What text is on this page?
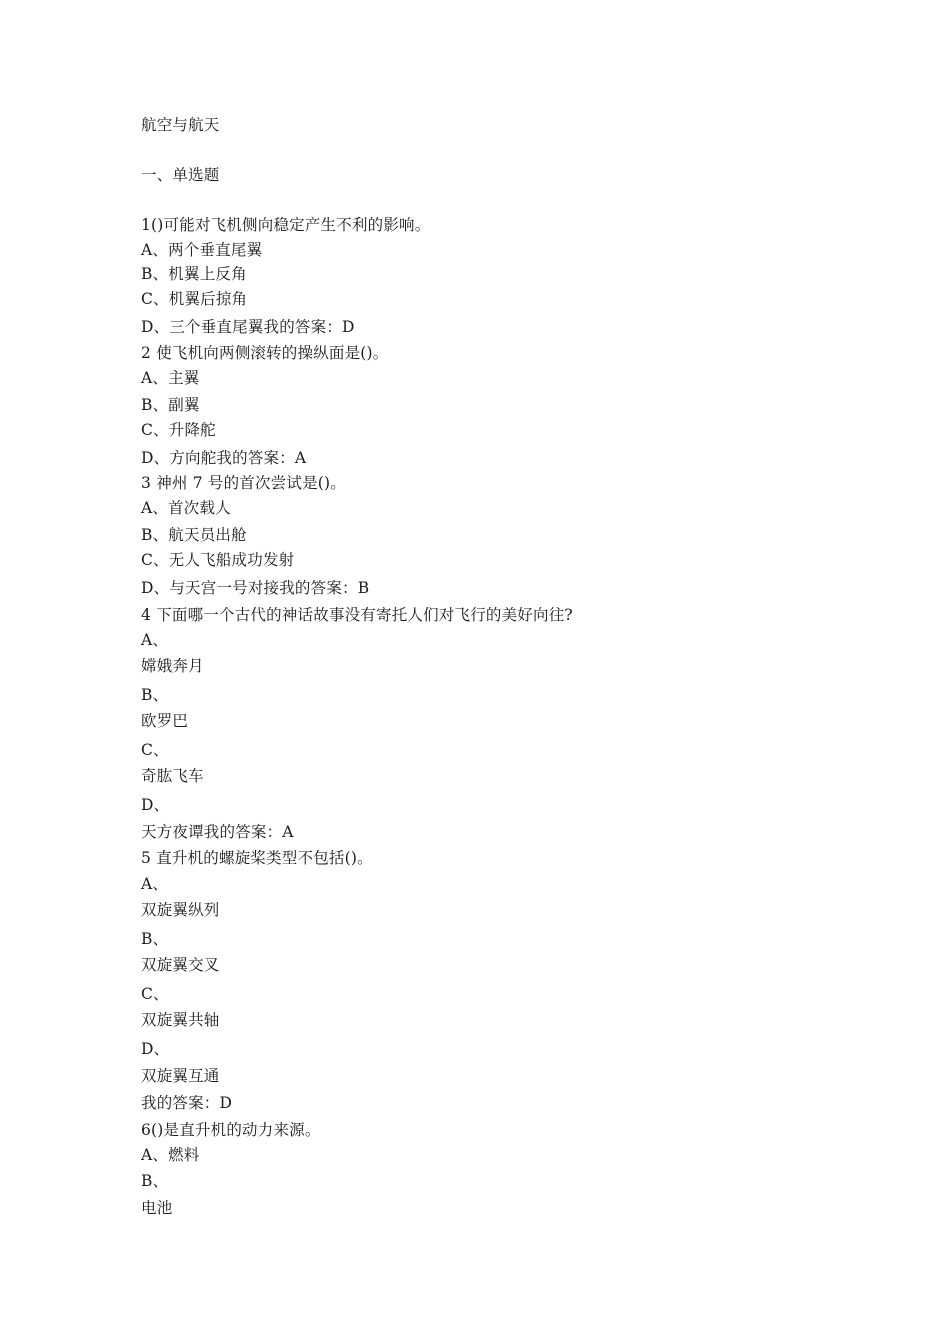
航空与航天
一、单选题
1()可能对飞机侧向稳定产生不利的影响。
A、两个垂直尾翼
B、机翼上反角
C、机翼后掠角
D、三个垂直尾翼我的答案：D
2 使飞机向两侧滚转的操纵面是()。
A、主翼
B、副翼
C、升降舵
D、方向舵我的答案：A
3 神州 7 号的首次尝试是()。
A、首次载人
B、航天员出舱
C、无人飞船成功发射
D、与天宫一号对接我的答案：B
4 下面哪一个古代的神话故事没有寄托人们对飞行的美好向往?
A、
嫦娥奔月
B、
欧罗巴
C、
奇肱飞车
D、
天方夜谭我的答案：A
5 直升机的螺旋桨类型不包括()。
A、
双旋翼纵列
B、
双旋翼交叉
C、
双旋翼共轴
D、
双旋翼互通
我的答案：D
6()是直升机的动力来源。
A、燃料
B、
电池
